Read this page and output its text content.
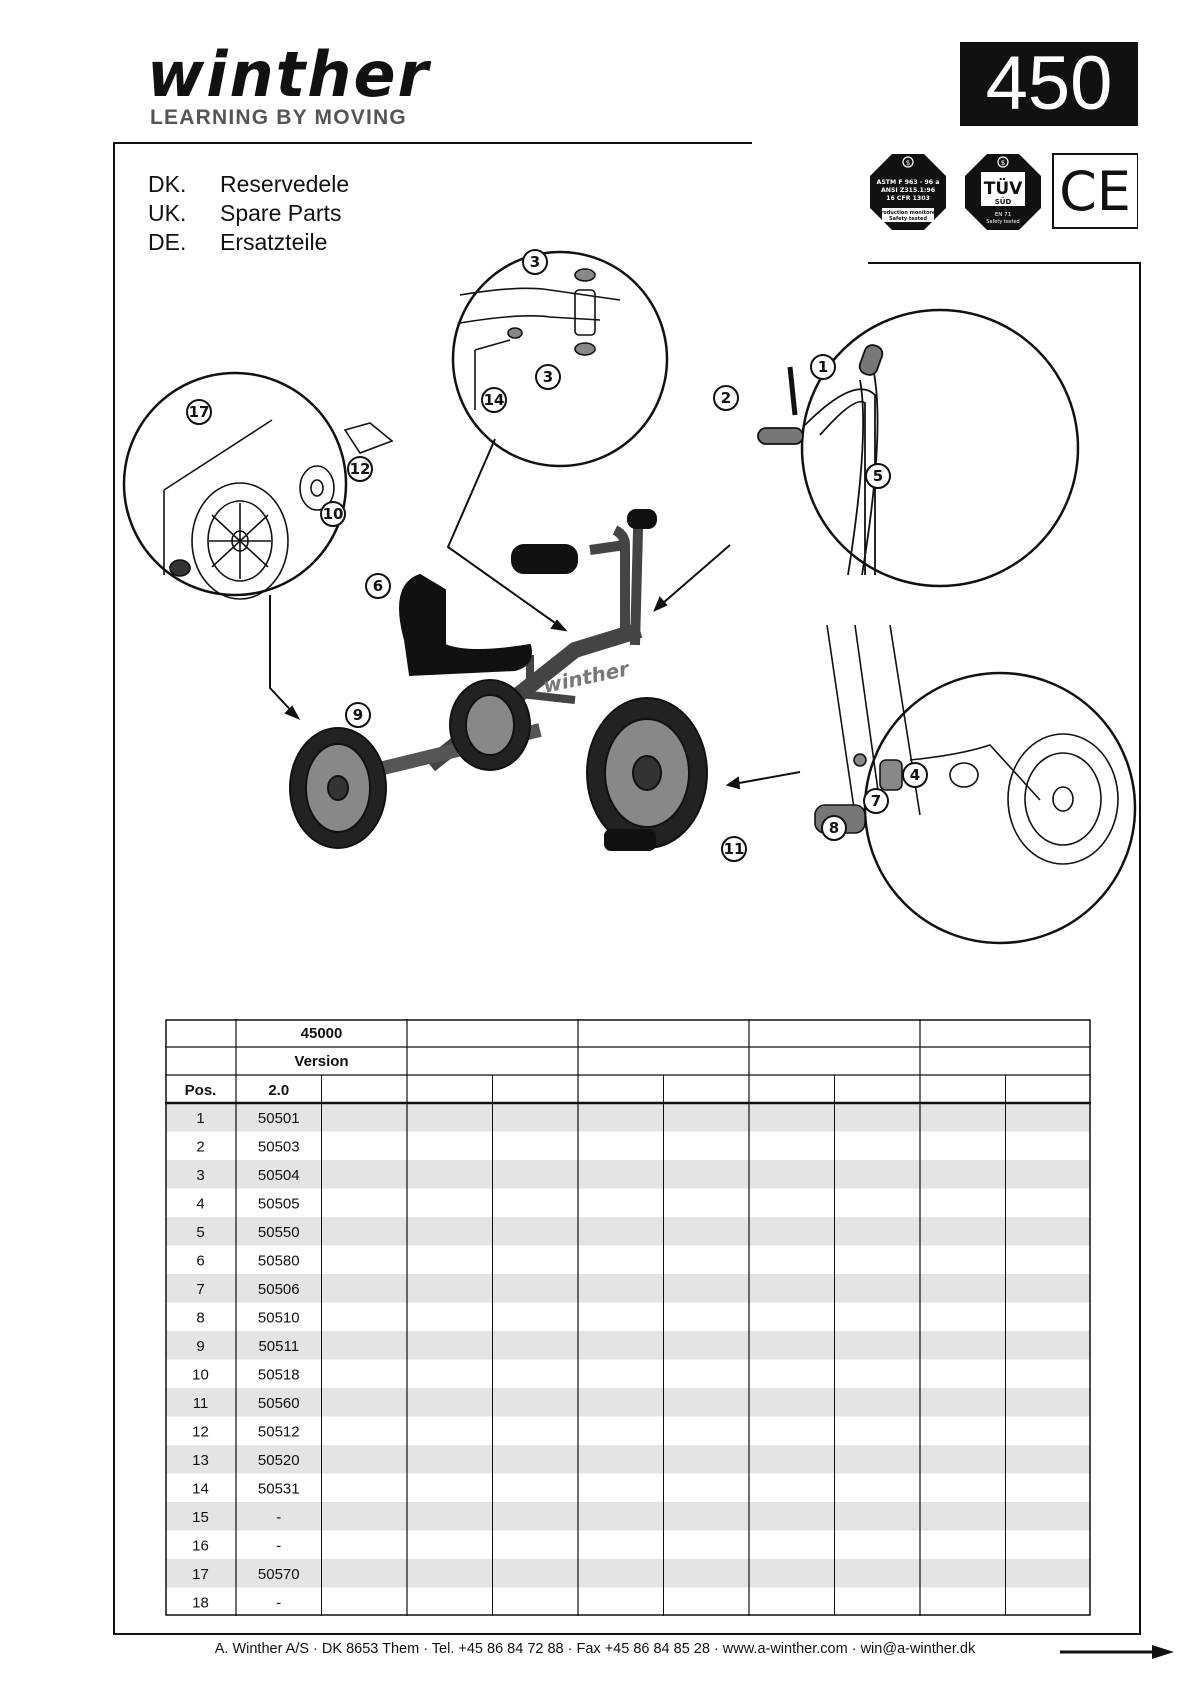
winther
LEARNING BY MOVING	450
DK.	Reservedele
UK.	Spare Parts
DE.	Ersatzteile
$
ASTM F 963 - 96 a
ANSI Z315.1:96
16 CFR 1303
Production monitored
Safety tested
$
TÜV
SÜD
EN 71
Safety tested CE
winther
17
12
10
3
3
14
1
2
5
6
9
11
4
7
8
45000
Version
Pos.	2.0
1	50501
2	50503
3	50504
4	50505
5	50550
6	50580
7	50506
8	50510
9	50511
10	50518
11	50560
12	50512
13	50520
14	50531
15	-
16	-
17	50570
18	-
A. Winther A/S · DK 8653 Them · Tel. +45 86 84 72 88 · Fax +45 86 84 85 28 · www.a-winther.com · win@a-winther.dk
